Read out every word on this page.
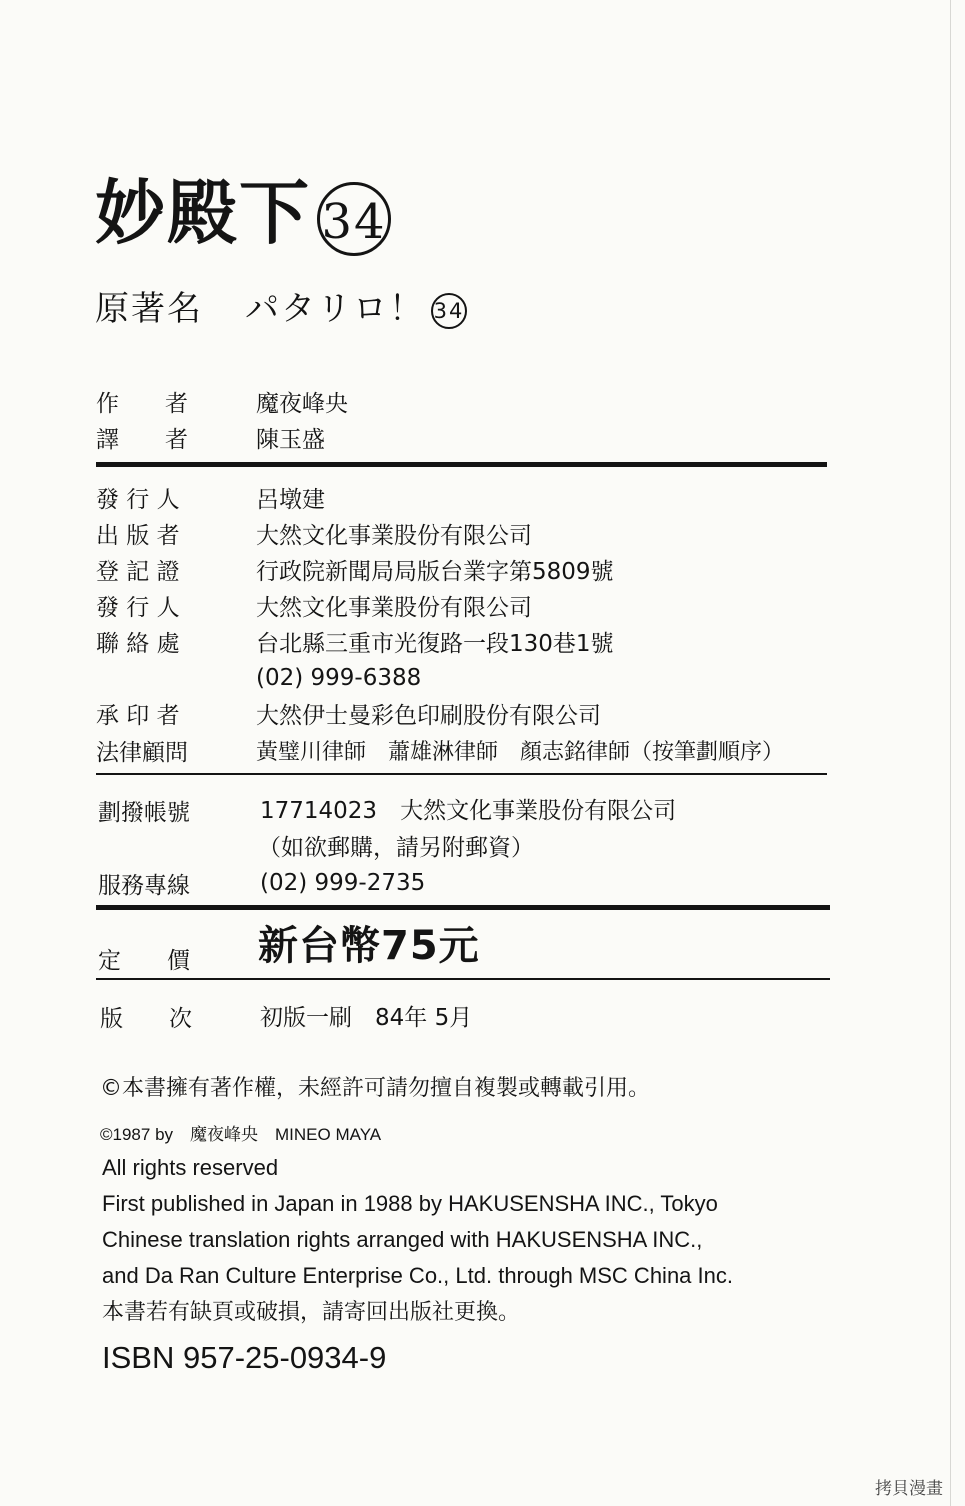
妙殿下 34
原著名 パタリロ！ 34
作　　者	魔夜峰央
譯　　者	陳玉盛
發 行 人	呂墩建
出 版 者	大然文化事業股份有限公司
登 記 證	行政院新聞局局版台業字第5809號
發 行 人	大然文化事業股份有限公司
聯 絡 處	台北縣三重市光復路一段130巷1號
(02) 999-6388
承 印 者	大然伊士曼彩色印刷股份有限公司
法律顧問	黃璧川律師　蕭雄淋律師　顏志銘律師（按筆劃順序）
劃撥帳號	17714023　大然文化事業股份有限公司
（如欲郵購，請另附郵資）
服務專線	(02) 999-2735
定　　價 新台幣75元
版　　次	初版一刷　84年 5月
©本書擁有著作權，未經許可請勿擅自複製或轉載引用。
©1987 by　魔夜峰央　MINEO MAYA
All rights reserved
First published in Japan in 1988 by HAKUSENSHA INC., Tokyo
Chinese translation rights arranged with HAKUSENSHA INC.,
and Da Ran Culture Enterprise Co., Ltd. through MSC China Inc.
本書若有缺頁或破損，請寄回出版社更換。
ISBN 957-25-0934-9
拷貝漫畫
